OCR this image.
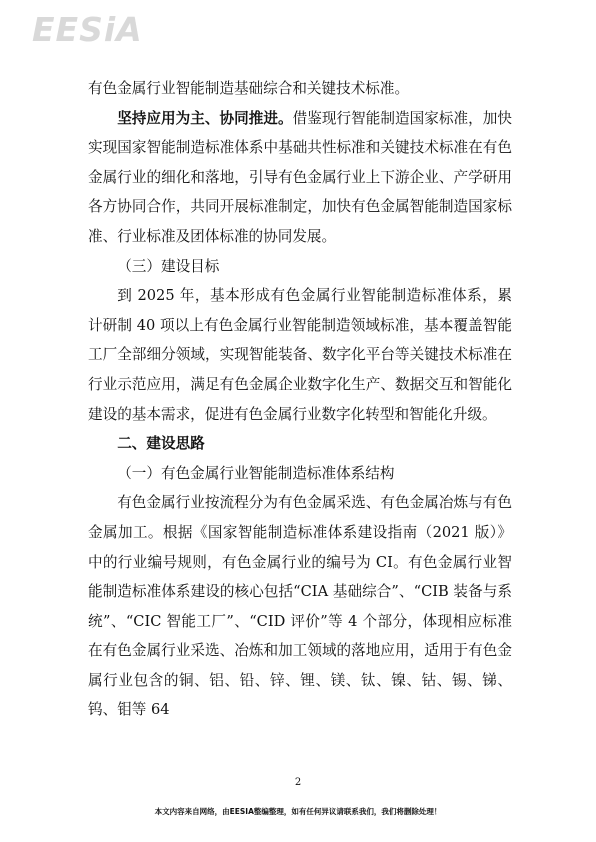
EESiA

有色金属行业智能制造基础综合和关键技术标准。

坚持应用为主、协同推进。借鉴现行智能制造国家标准，加快实现国家智能制造标准体系中基础共性标准和关键技术标准在有色金属行业的细化和落地，引导有色金属行业上下游企业、产学研用各方协同合作，共同开展标准制定，加快有色金属智能制造国家标准、行业标准及团体标准的协同发展。

（三）建设目标

到 2025 年，基本形成有色金属行业智能制造标准体系，累计研制 40 项以上有色金属行业智能制造领域标准，基本覆盖智能工厂全部细分领域，实现智能装备、数字化平台等关键技术标准在行业示范应用，满足有色金属企业数字化生产、数据交互和智能化建设的基本需求，促进有色金属行业数字化转型和智能化升级。

二、建设思路

（一）有色金属行业智能制造标准体系结构

有色金属行业按流程分为有色金属采选、有色金属冶炼与有色金属加工。根据《国家智能制造标准体系建设指南（2021 版）》中的行业编号规则，有色金属行业的编号为 CI。有色金属行业智能制造标准体系建设的核心包括“CIA 基础综合”、“CIB 装备与系统”、“CIC 智能工厂”、“CID 评价”等 4 个部分，体现相应标准在有色金属行业采选、冶炼和加工领域的落地应用，适用于有色金属行业包含的铜、铝、铅、锌、锂、镁、钛、镍、钴、锡、锑、钨、钼等 64

2
本文内容来自网络，由EESIA整编整理，如有任何异议请联系我们，我们将删除处理！
